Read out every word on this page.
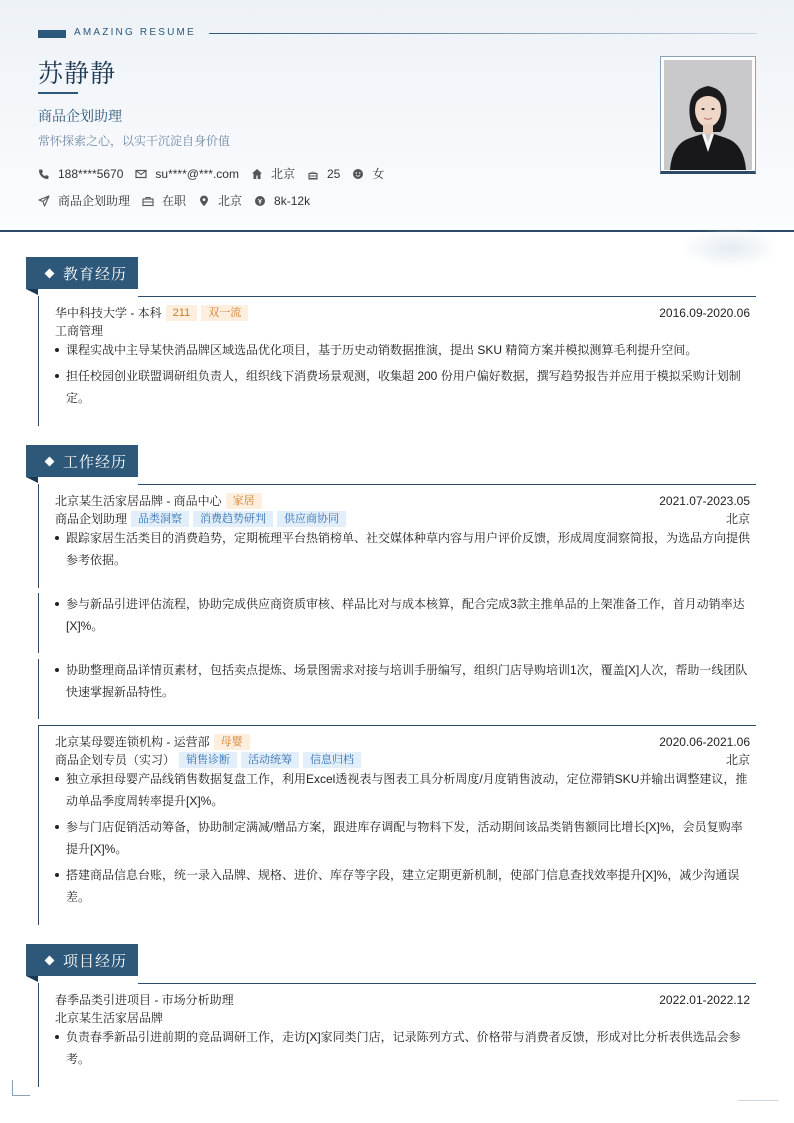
AMAZING RESUME
苏静静
商品企划助理
常怀探索之心，以实干沉淀自身价值
188****5670	su****@***.com	北京	25	女
商品企划助理	在职	北京	8k-12k
教育经历
华中科技大学 - 本科	211	双一流	2016.09-2020.06
工商管理
课程实战中主导某快消品牌区域选品优化项目，基于历史动销数据推演，提出 SKU 精简方案并模拟测算毛利提升空间。
担任校园创业联盟调研组负责人，组织线下消费场景观测，收集超 200 份用户偏好数据，撰写趋势报告并应用于模拟采购计划制定。
工作经历
北京某生活家居品牌 - 商品中心	家居	2021.07-2023.05
商品企划助理	品类洞察	消费趋势研判	供应商协同	北京
跟踪家居生活类目的消费趋势，定期梳理平台热销榜单、社交媒体种草内容与用户评价反馈，形成周度洞察简报，为选品方向提供参考依据。
参与新品引进评估流程，协助完成供应商资质审核、样品比对与成本核算，配合完成3款主推单品的上架准备工作，首月动销率达[X]%。
协助整理商品详情页素材，包括卖点提炼、场景图需求对接与培训手册编写，组织门店导购培训1次，覆盖[X]人次，帮助一线团队快速掌握新品特性。
北京某母婴连锁机构 - 运营部	母婴	2020.06-2021.06
商品企划专员（实习）	销售诊断	活动统筹	信息归档	北京
独立承担母婴产品线销售数据复盘工作，利用Excel透视表与图表工具分析周度/月度销售波动，定位滞销SKU并输出调整建议，推动单品季度周转率提升[X]%。
参与门店促销活动筹备，协助制定满减/赠品方案，跟进库存调配与物料下发，活动期间该品类销售额同比增长[X]%，会员复购率提升[X]%。
搭建商品信息台账，统一录入品牌、规格、进价、库存等字段，建立定期更新机制，使部门信息查找效率提升[X]%，减少沟通误差。
项目经历
春季品类引进项目 - 市场分析助理	2022.01-2022.12
北京某生活家居品牌
负责春季新品引进前期的竞品调研工作，走访[X]家同类门店，记录陈列方式、价格带与消费者反馈，形成对比分析表供选品会参考。
